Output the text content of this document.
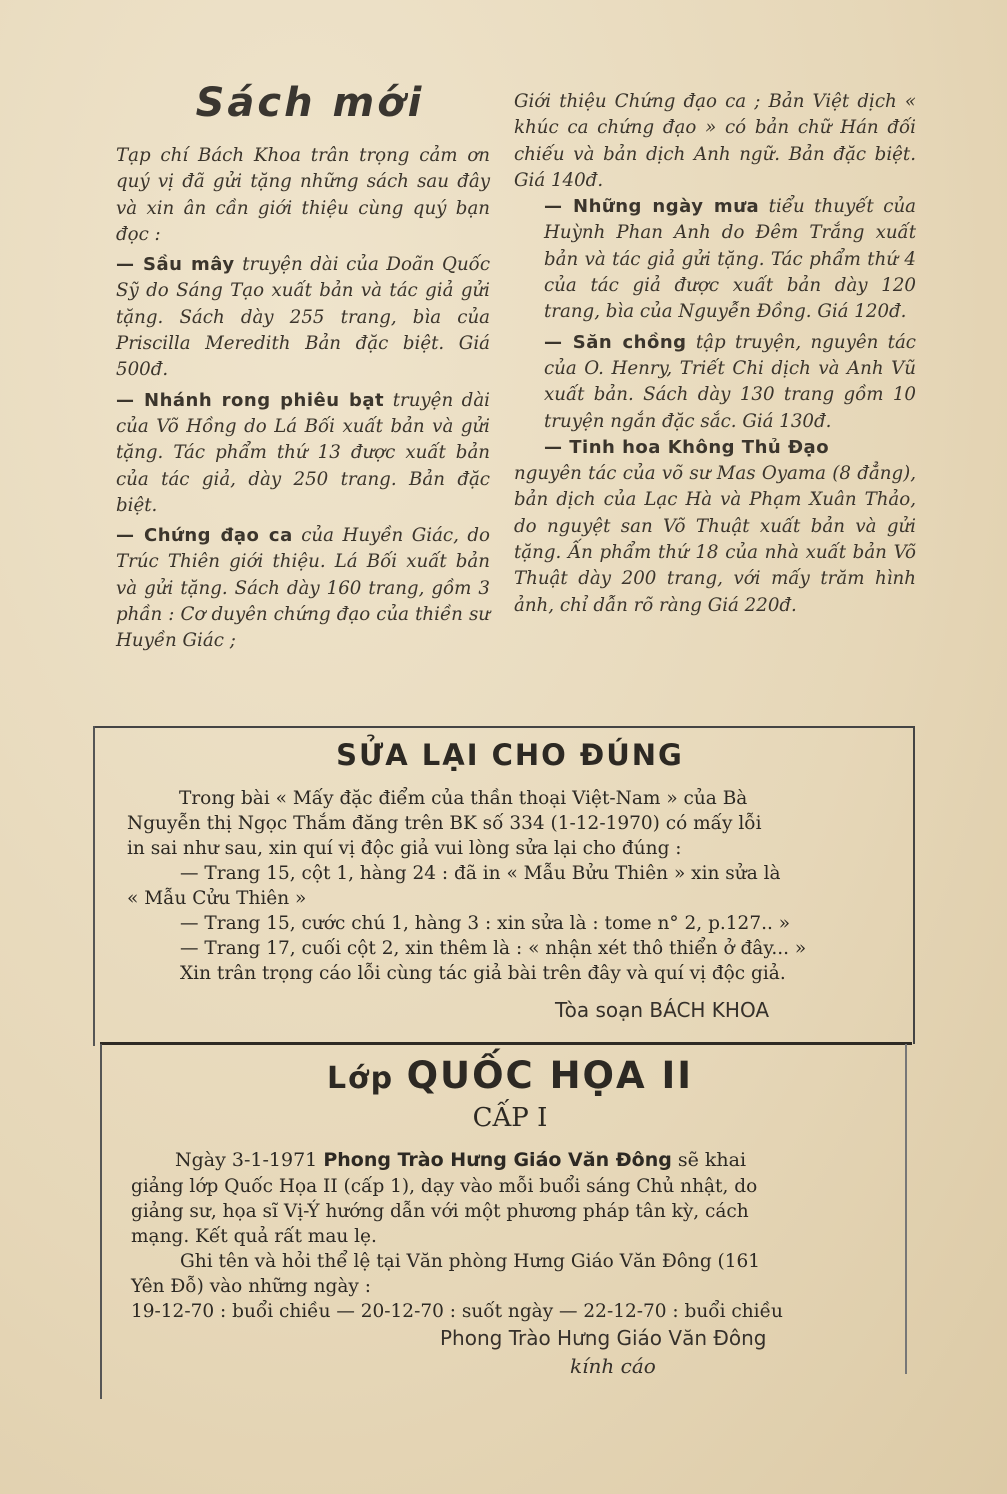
Sách mới

Tạp chí Bách Khoa trân trọng cảm ơn quý vị đã gửi tặng những sách sau đây và xin ân cần giới thiệu cùng quý bạn đọc :

— Sầu mây truyện dài của Doãn Quốc Sỹ do Sáng Tạo xuất bản và tác giả gửi tặng. Sách dày 255 trang, bìa của Priscilla Meredith Bản đặc biệt. Giá 500đ.

— Nhánh rong phiêu bạt truyện dài của Võ Hồng do Lá Bối xuất bản và gửi tặng. Tác phẩm thứ 13 được xuất bản của tác giả, dày 250 trang. Bản đặc biệt.

— Chứng đạo ca của Huyền Giác, do Trúc Thiên giới thiệu. Lá Bối xuất bản và gửi tặng. Sách dày 160 trang, gồm 3 phần : Cơ duyên chứng đạo của thiền sư Huyền Giác ;

Giới thiệu Chứng đạo ca ; Bản Việt dịch « khúc ca chứng đạo » có bản chữ Hán đối chiếu và bản dịch Anh ngữ. Bản đặc biệt. Giá 140đ.

— Những ngày mưa tiểu thuyết của Huỳnh Phan Anh do Đêm Trắng xuất bản và tác giả gửi tặng. Tác phẩm thứ 4 của tác giả được xuất bản dày 120 trang, bìa của Nguyễn Đồng. Giá 120đ.

— Săn chồng tập truyện, nguyên tác của O. Henry, Triết Chi dịch và Anh Vũ xuất bản. Sách dày 130 trang gồm 10 truyện ngắn đặc sắc. Giá 130đ.

— Tinh hoa Không Thủ Đạo

nguyên tác của võ sư Mas Oyama (8 đẳng), bản dịch của Lạc Hà và Phạm Xuân Thảo, do nguyệt san Võ Thuật xuất bản và gửi tặng. Ấn phẩm thứ 18 của nhà xuất bản Võ Thuật dày 200 trang, với mấy trăm hình ảnh, chỉ dẫn rõ ràng Giá 220đ.

SỬA LẠI CHO ĐÚNG
Trong bài « Mấy đặc điểm của thần thoại Việt-Nam » của Bà
Nguyễn thị Ngọc Thắm đăng trên BK số 334 (1-12-1970) có mấy lỗi
in sai như sau, xin quí vị độc giả vui lòng sửa lại cho đúng :
— Trang 15, cột 1, hàng 24 : đã in « Mẫu Bửu Thiên » xin sửa là
« Mẫu Cửu Thiên »
— Trang 15, cước chú 1, hàng 3 : xin sửa là : tome n° 2, p.127.. »
— Trang 17, cuối cột 2, xin thêm là : « nhận xét thô thiển ở đây... »
Xin trân trọng cáo lỗi cùng tác giả bài trên đây và quí vị độc giả.
Tòa soạn BÁCH KHOA
Lớp QUỐC HỌA II
CẤP I
Ngày 3-1-1971 Phong Trào Hưng Giáo Văn Đông sẽ khai
giảng lớp Quốc Họa II (cấp 1), dạy vào mỗi buổi sáng Chủ nhật, do
giảng sư, họa sĩ Vị-Ý hướng dẫn với một phương pháp tân kỳ, cách
mạng. Kết quả rất mau lẹ.
Ghi tên và hỏi thể lệ tại Văn phòng Hưng Giáo Văn Đông (161
Yên Đỗ) vào những ngày :
19-12-70 : buổi chiều — 20-12-70 : suốt ngày — 22-12-70 : buổi chiều
Phong Trào Hưng Giáo Văn Đông
kính cáo
